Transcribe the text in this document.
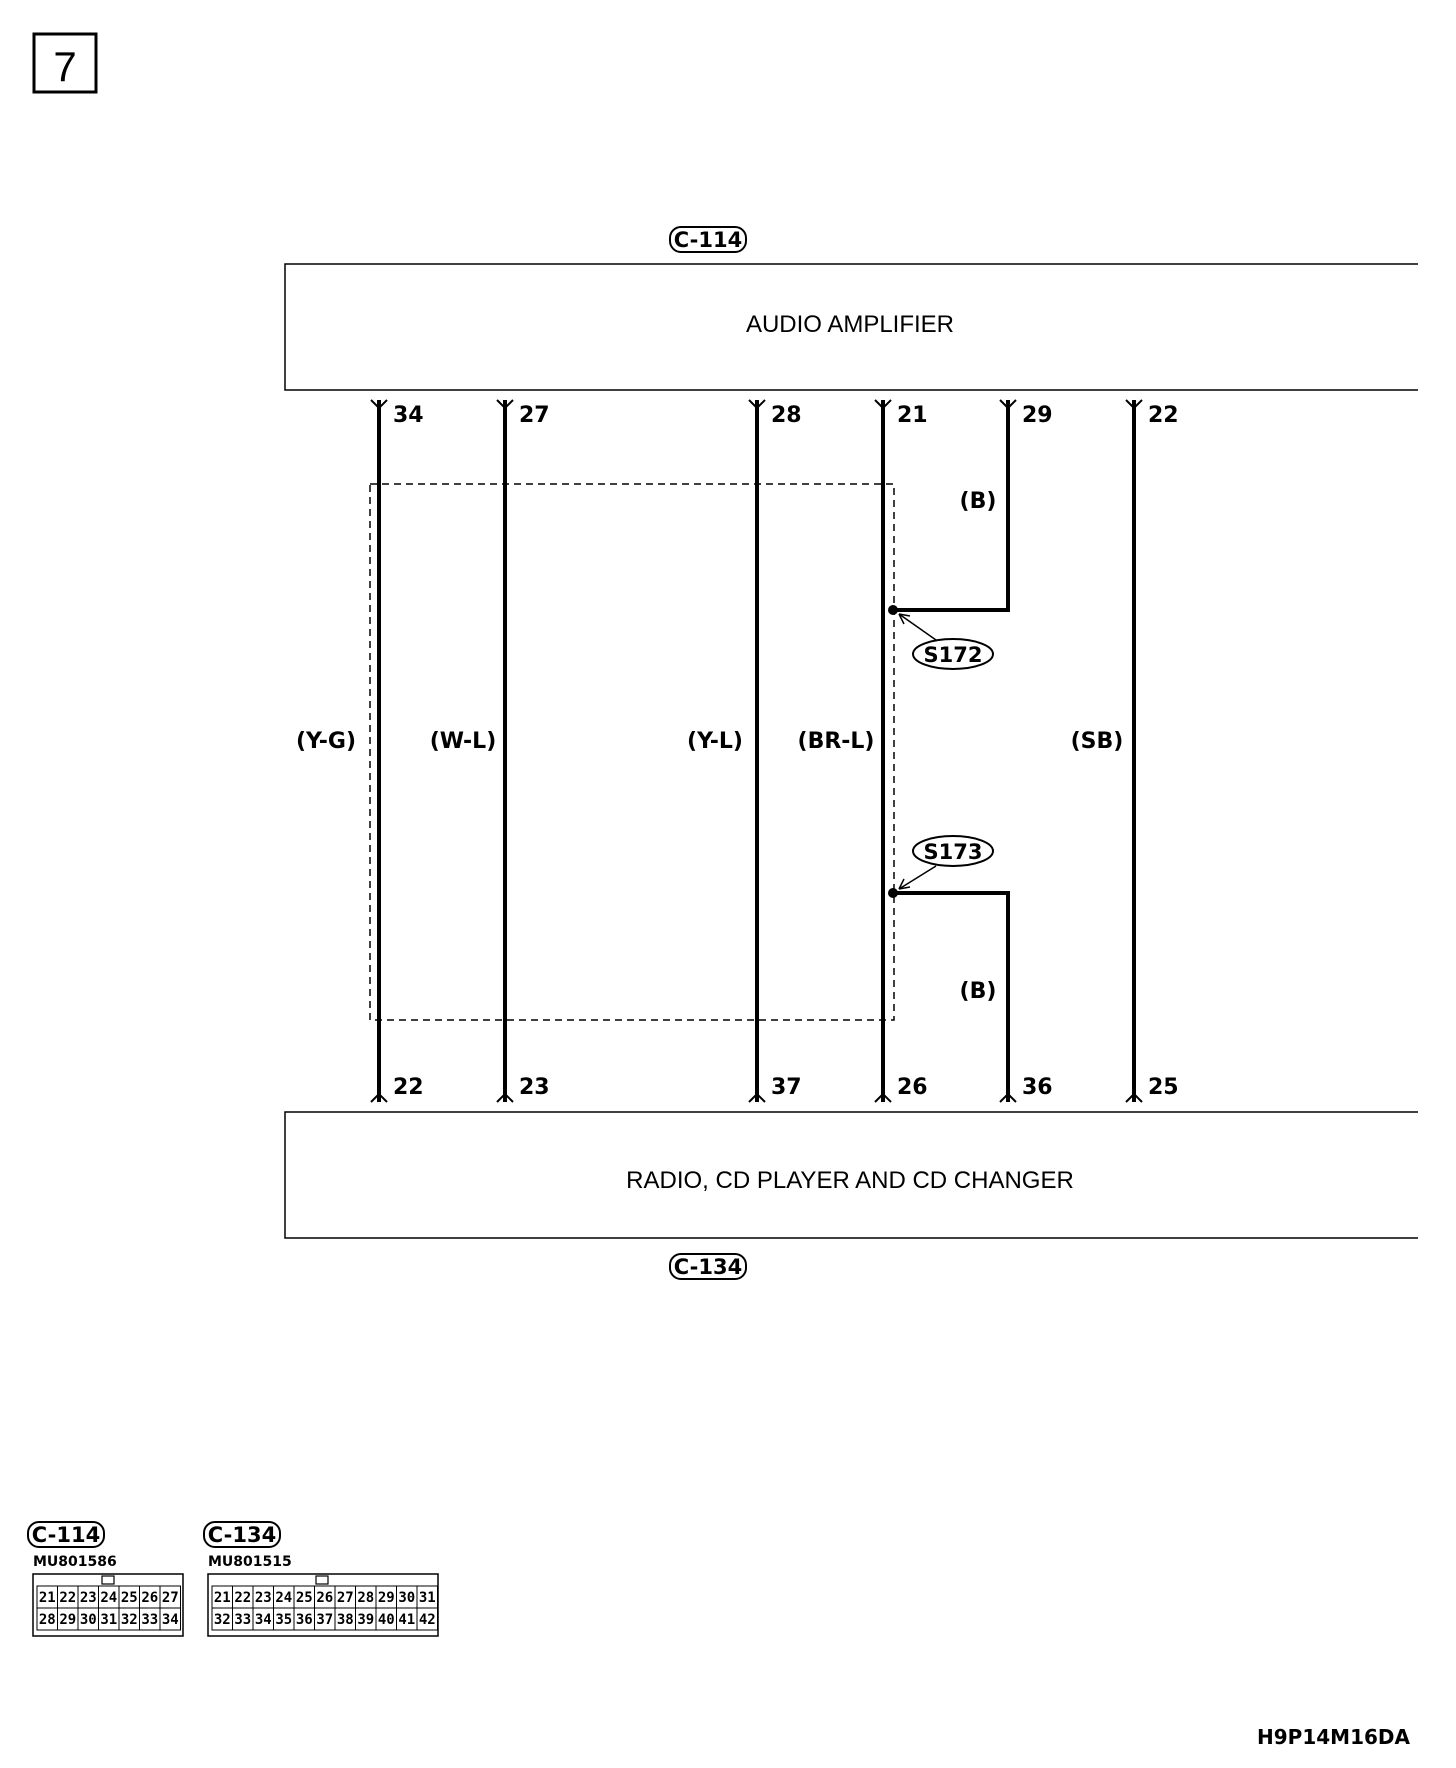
7
C-114
AUDIO AMPLIFIER
RADIO, CD PLAYER AND CD CHANGER
C-134
34
22
(Y-G)
27
23
(W-L)
28
37
(Y-L)
21
26
(BR-L)
29
36
(B)
(B)
22
25
(SB)
S172
S173
C-114
MU801586
21 22 23 24 25 26 27
28 29 30 31 32 33 34
C-134
MU801515
21 22 23 24 25 26 27 28 29 30 31
32 33 34 35 36 37 38 39 40 41 42
H9P14M16DA
